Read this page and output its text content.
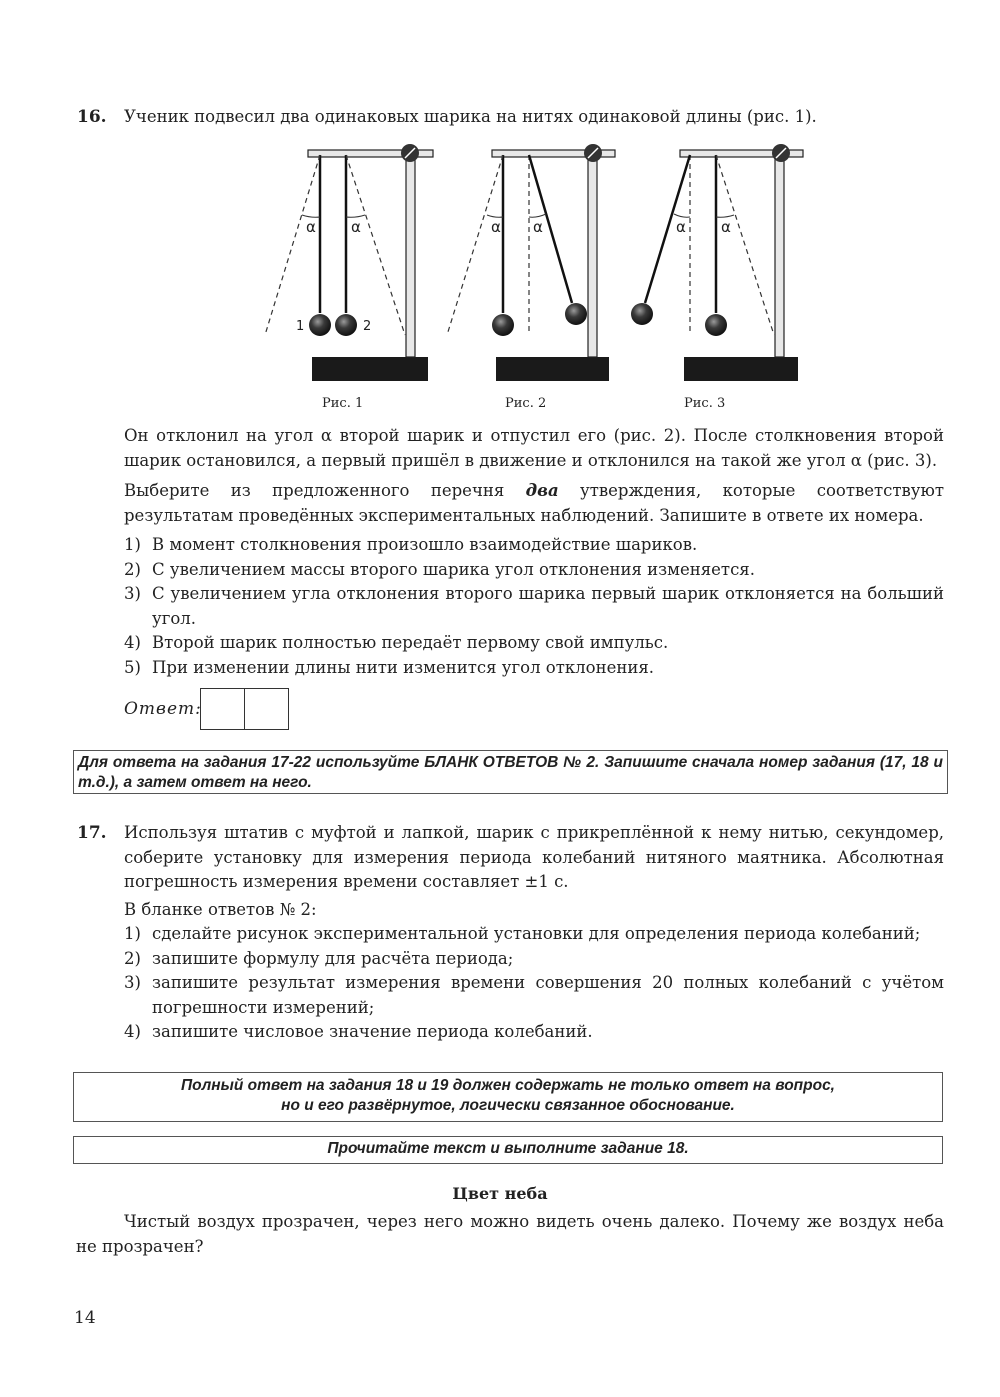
16. Ученик подвесил два одинаковых шарика на нитях одинаковой длины (рис. 1).
α α
1	2
α α	α α
Рис. 1	Рис. 2	Рис. 3
Он отклонил на угол α второй шарик и отпустил его (рис. 2). После столкновения второй шарик остановился, а первый пришёл в движение и отклонился на такой же угол α (рис. 3).
Выберите из предложенного перечня два утверждения, которые соответствуют результатам проведённых экспериментальных наблюдений. Запишите в ответе их номера.
1) В момент столкновения произошло взаимодействие шариков.
2) С увеличением массы второго шарика угол отклонения изменяется.
3) С увеличением угла отклонения второго шарика первый шарик отклоняется на больший угол.
4) Второй шарик полностью передаёт первому свой импульс.
5) При изменении длины нити изменится угол отклонения.
Ответ:
Для ответа на задания 17-22 используйте БЛАНК ОТВЕТОВ № 2. Запишите сначала номер задания (17, 18 и т.д.), а затем ответ на него.
17. Используя штатив с муфтой и лапкой, шарик с прикреплённой к нему нитью, секундомер, соберите установку для измерения периода колебаний нитяного маятника. Абсолютная погрешность измерения времени составляет ±1 с.
В бланке ответов № 2:
1) сделайте рисунок экспериментальной установки для определения периода колебаний;
2) запишите формулу для расчёта периода;
3) запишите результат измерения времени совершения 20 полных колебаний с учётом погрешности измерений;
4) запишите числовое значение периода колебаний.
Полный ответ на задания 18 и 19 должен содержать не только ответ на вопрос,
но и его развёрнутое, логически связанное обоснование.
Прочитайте текст и выполните задание 18.
Цвет неба
Чистый воздух прозрачен, через него можно видеть очень далеко. Почему же воздух неба не прозрачен?
14
